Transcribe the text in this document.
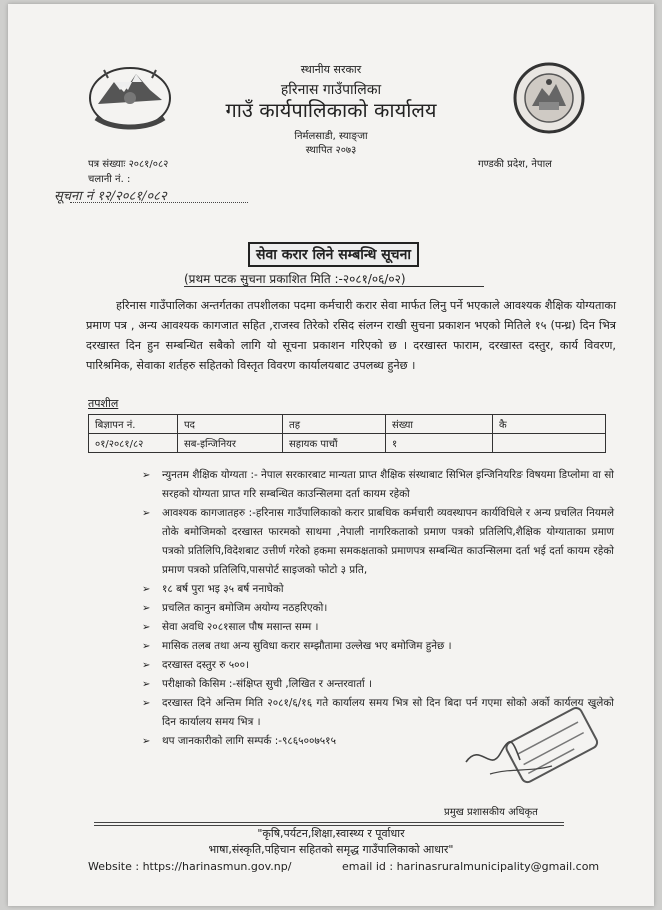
स्थानीय सरकार
हरिनास गाउँपालिका
गाउँ कार्यपालिकाको कार्यालय
निर्मलसाडी, स्याङ्जा
स्थापित २०७३
पत्र संख्याः २०८१/०८२
चलानी नं. :
गण्डकी प्रदेश, नेपाल
सूचना नं १२/२०८१/०८२
सेवा करार लिने सम्बन्धि सूचना
(प्रथम पटक सुचना प्रकाशित मिति :-२०८१/०६/०२)
हरिनास गाउँपालिका अन्तर्गतका तपशीलका पदमा कर्मचारी करार सेवा मार्फत लिनु पर्ने भएकाले आवश्यक शैक्षिक योग्यताका प्रमाण पत्र , अन्य आवश्यक कागजात सहित ,राजस्व तिरेको रसिद संलग्न राखी सुचना प्रकाशन भएको मितिले १५ (पन्ध्र) दिन भित्र दरखास्त दिन हुन सम्बन्धित सबैको लागि यो सूचना प्रकाशन गरिएको छ । दरखास्त फाराम, दरखास्त दस्तुर, कार्य विवरण, पारिश्रमिक, सेवाका शर्तहरु सहितको विस्तृत विवरण कार्यालयबाट उपलब्ध हुनेछ ।
तपशील
बिज्ञापन नं.	पद	तह	संख्या	कै
०१/२०८१/८२	सब-इन्जिनियर	सहायक पाचौं	१	
➢ न्युनतम शैक्षिक योग्यता :- नेपाल सरकारबाट मान्यता प्राप्त शैक्षिक संस्थाबाट सिभिल इन्जिनियरिङ विषयमा डिप्लोमा वा सो सरहको योग्यता प्राप्त गरि सम्बन्धित काउन्सिलमा दर्ता कायम रहेको
➢ आवश्यक कागजातहरु :-हरिनास गाउँपालिकाको करार प्राबधिक कर्मचारी व्यवस्थापन कार्यविधिले र अन्य प्रचलित नियमले तोके बमोजिमको दरखास्त फारमको साथमा ,नेपाली नागरिकताको प्रमाण पत्रको प्रतिलिपि,शैक्षिक योग्याताका प्रमाण पत्रको प्रतिलिपि,विदेशबाट उत्तीर्ण गरेको हकमा समकक्षताको प्रमाणपत्र सम्बन्धित काउन्सिलमा दर्ता भई दर्ता कायम रहेको प्रमाण पत्रको प्रतिलिपि,पासपोर्ट साइजको फोटो ३ प्रति,
➢ १८ बर्ष पुरा भइ ३५ बर्ष ननाघेको
➢ प्रचलित कानुन बमोजिम अयोग्य नठहरिएको।
➢ सेवा अवधि २०८१साल पौष मसान्त सम्म ।
➢ मासिक तलब तथा अन्य सुविधा करार सम्झौतामा उल्लेख भए बमोजिम हुनेछ ।
➢ दरखास्त दस्तुर रु ५००।
➢ परीक्षाको किसिम :-संक्षिप्त सुची ,लिखित र अन्तरवार्ता ।
➢ दरखास्त दिने अन्तिम मिति २०८१/६/१६ गते कार्यालय समय भित्र सो दिन बिदा पर्न गएमा सोको अर्को कार्यलय खुलेको दिन कार्यालय समय भित्र ।
➢ थप जानकारीको लागि सम्पर्क :-९८६५००७५१५
प्रमुख प्रशासकीय अधिकृत
"कृषि,पर्यटन,शिक्षा,स्वास्थ्य र पूर्वाधार
भाषा,संस्कृति,पहिचान सहितको समृद्ध गाउँपालिकाको आधार"
Website : https://harinasmun.gov.np/	email id : harinasruralmunicipality@gmail.com
